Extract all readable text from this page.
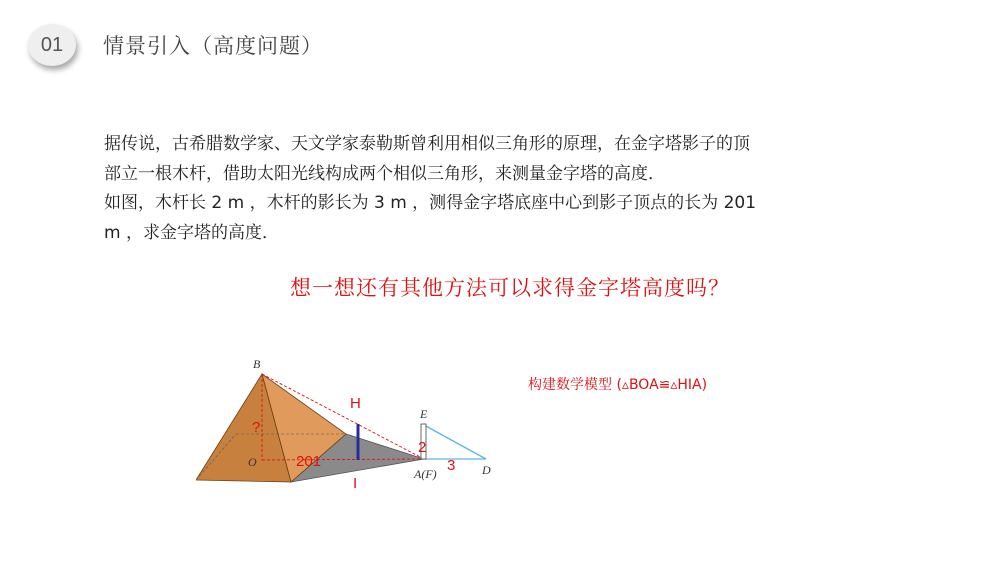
01 情景引入（高度问题）
据传说，古希腊数学家、天文学家泰勒斯曾利用相似三角形的原理，在金字塔影子的顶
部立一根木杆，借助太阳光线构成两个相似三角形，来测量金字塔的高度．
如图，木杆长 2 m ，木杆的影长为 3 m ，测得金字塔底座中心到影子顶点的长为 201
m ，求金字塔的高度．
想一想还有其他方法可以求得金字塔高度吗？
构建数学模型 (▵BOA≌▵HIA)
B
O
E
A(F)	D
H
I
?
201
2
3
